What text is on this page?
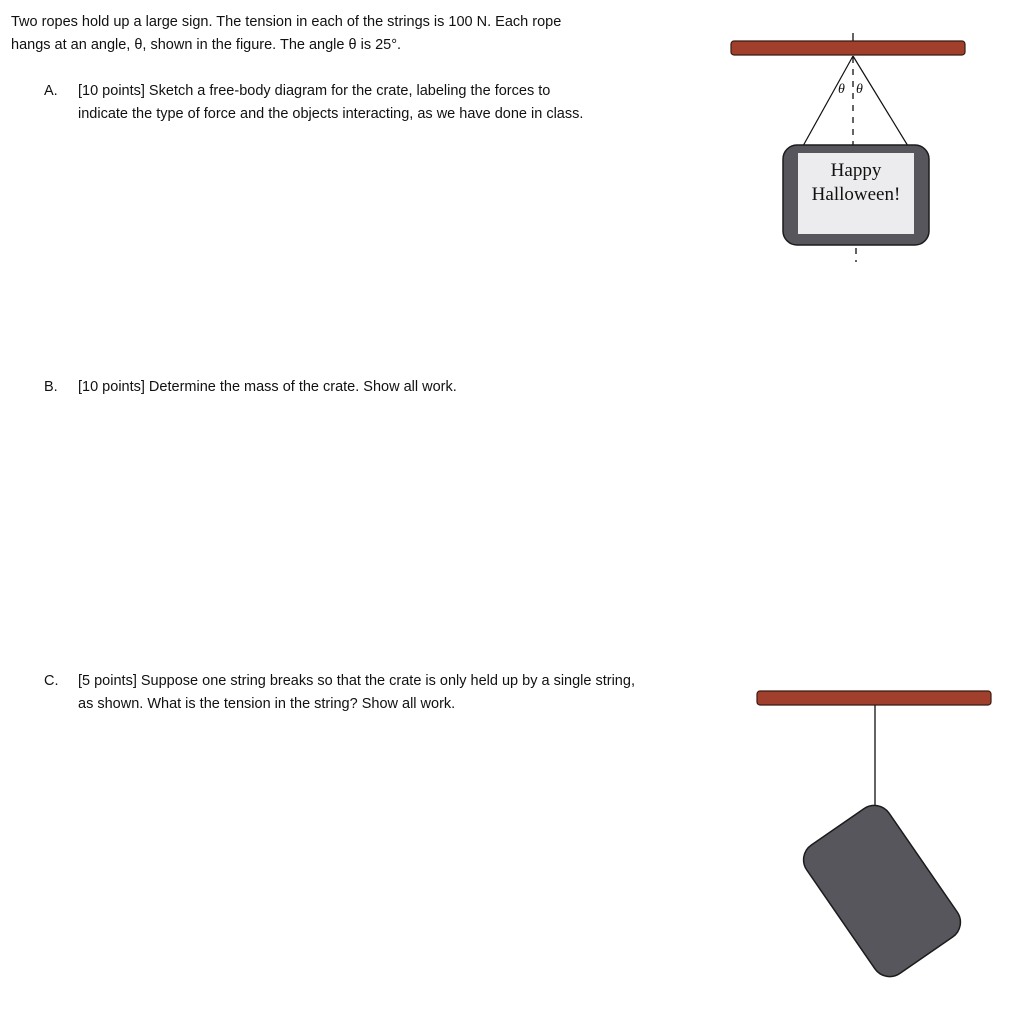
Two ropes hold up a large sign. The tension in each of the strings is 100 N. Each rope
hangs at an angle, θ, shown in the figure. The angle θ is 25°.
A. [10 points] Sketch a free-body diagram for the crate, labeling the forces to
indicate the type of force and the objects interacting, as we have done in class.
B. [10 points] Determine the mass of the crate. Show all work.
C. [5 points] Suppose one string breaks so that the crate is only held up by a single string,
as shown. What is the tension in the string? Show all work.
θ θ
Happy
Halloween!
